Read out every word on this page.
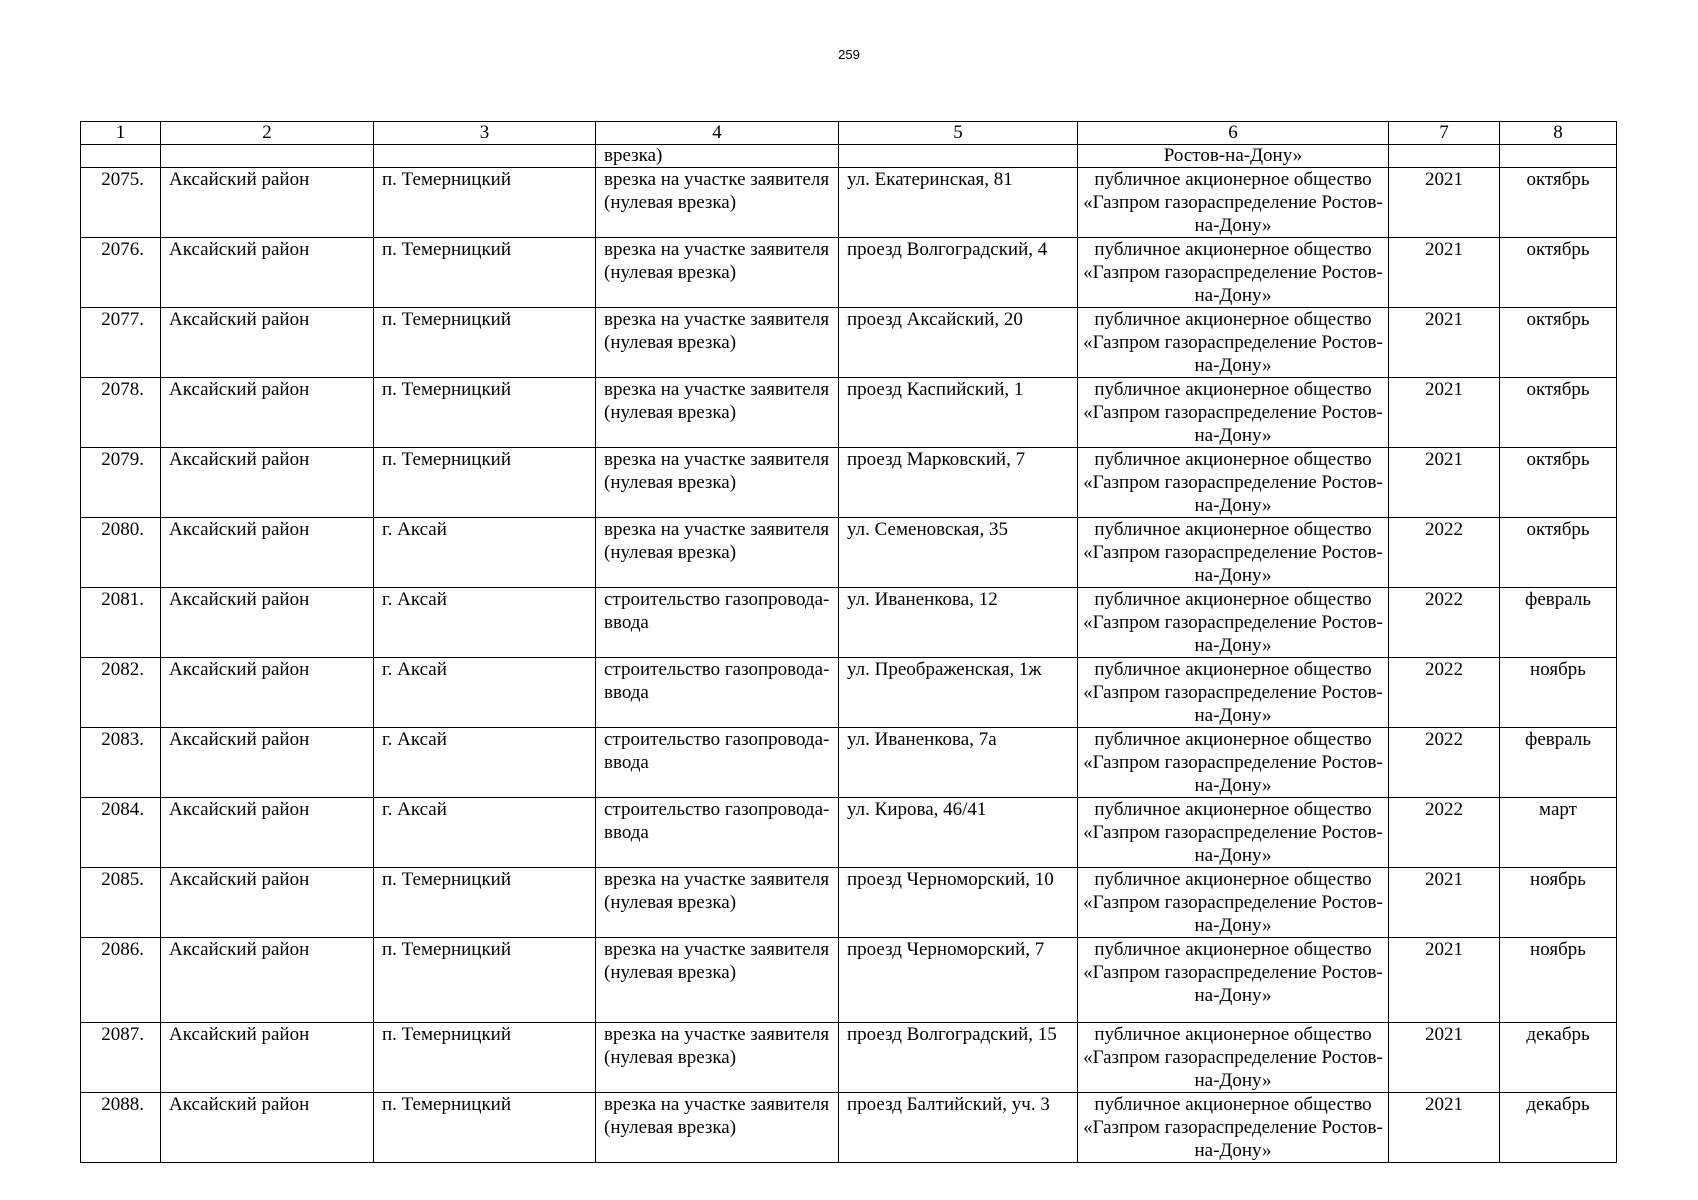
259
1	2	3	4	5	6	7	8
			врезка)		Ростов-на-Дону»		
2075.	Аксайский район	п. Темерницкий	врезка на участке заявителя (нулевая врезка)	ул. Екатеринская, 81	публичное акционерное общество «Газпром газораспределение Ростов-на-Дону»	2021	октябрь
2076.	Аксайский район	п. Темерницкий	врезка на участке заявителя (нулевая врезка)	проезд Волгоградский, 4	публичное акционерное общество «Газпром газораспределение Ростов-на-Дону»	2021	октябрь
2077.	Аксайский район	п. Темерницкий	врезка на участке заявителя (нулевая врезка)	проезд Аксайский, 20	публичное акционерное общество «Газпром газораспределение Ростов-на-Дону»	2021	октябрь
2078.	Аксайский район	п. Темерницкий	врезка на участке заявителя (нулевая врезка)	проезд Каспийский, 1	публичное акционерное общество «Газпром газораспределение Ростов-на-Дону»	2021	октябрь
2079.	Аксайский район	п. Темерницкий	врезка на участке заявителя (нулевая врезка)	проезд Марковский, 7	публичное акционерное общество «Газпром газораспределение Ростов-на-Дону»	2021	октябрь
2080.	Аксайский район	г. Аксай	врезка на участке заявителя (нулевая врезка)	ул. Семеновская, 35	публичное акционерное общество «Газпром газораспределение Ростов-на-Дону»	2022	октябрь
2081.	Аксайский район	г. Аксай	строительство газопровода-ввода	ул. Иваненкова, 12	публичное акционерное общество «Газпром газораспределение Ростов-на-Дону»	2022	февраль
2082.	Аксайский район	г. Аксай	строительство газопровода-ввода	ул. Преображенская, 1ж	публичное акционерное общество «Газпром газораспределение Ростов-на-Дону»	2022	ноябрь
2083.	Аксайский район	г. Аксай	строительство газопровода-ввода	ул. Иваненкова, 7а	публичное акционерное общество «Газпром газораспределение Ростов-на-Дону»	2022	февраль
2084.	Аксайский район	г. Аксай	строительство газопровода-ввода	ул. Кирова, 46/41	публичное акционерное общество «Газпром газораспределение Ростов-на-Дону»	2022	март
2085.	Аксайский район	п. Темерницкий	врезка на участке заявителя (нулевая врезка)	проезд Черноморский, 10	публичное акционерное общество «Газпром газораспределение Ростов-на-Дону»	2021	ноябрь
2086.	Аксайский район	п. Темерницкий	врезка на участке заявителя (нулевая врезка)	проезд Черноморский, 7	публичное акционерное общество «Газпром газораспределение Ростов-на-Дону»	2021	ноябрь
2087.	Аксайский район	п. Темерницкий	врезка на участке заявителя (нулевая врезка)	проезд Волгоградский, 15	публичное акционерное общество «Газпром газораспределение Ростов-на-Дону»	2021	декабрь
2088.	Аксайский район	п. Темерницкий	врезка на участке заявителя (нулевая врезка)	проезд Балтийский, уч. 3	публичное акционерное общество «Газпром газораспределение Ростов-на-Дону»	2021	декабрь
